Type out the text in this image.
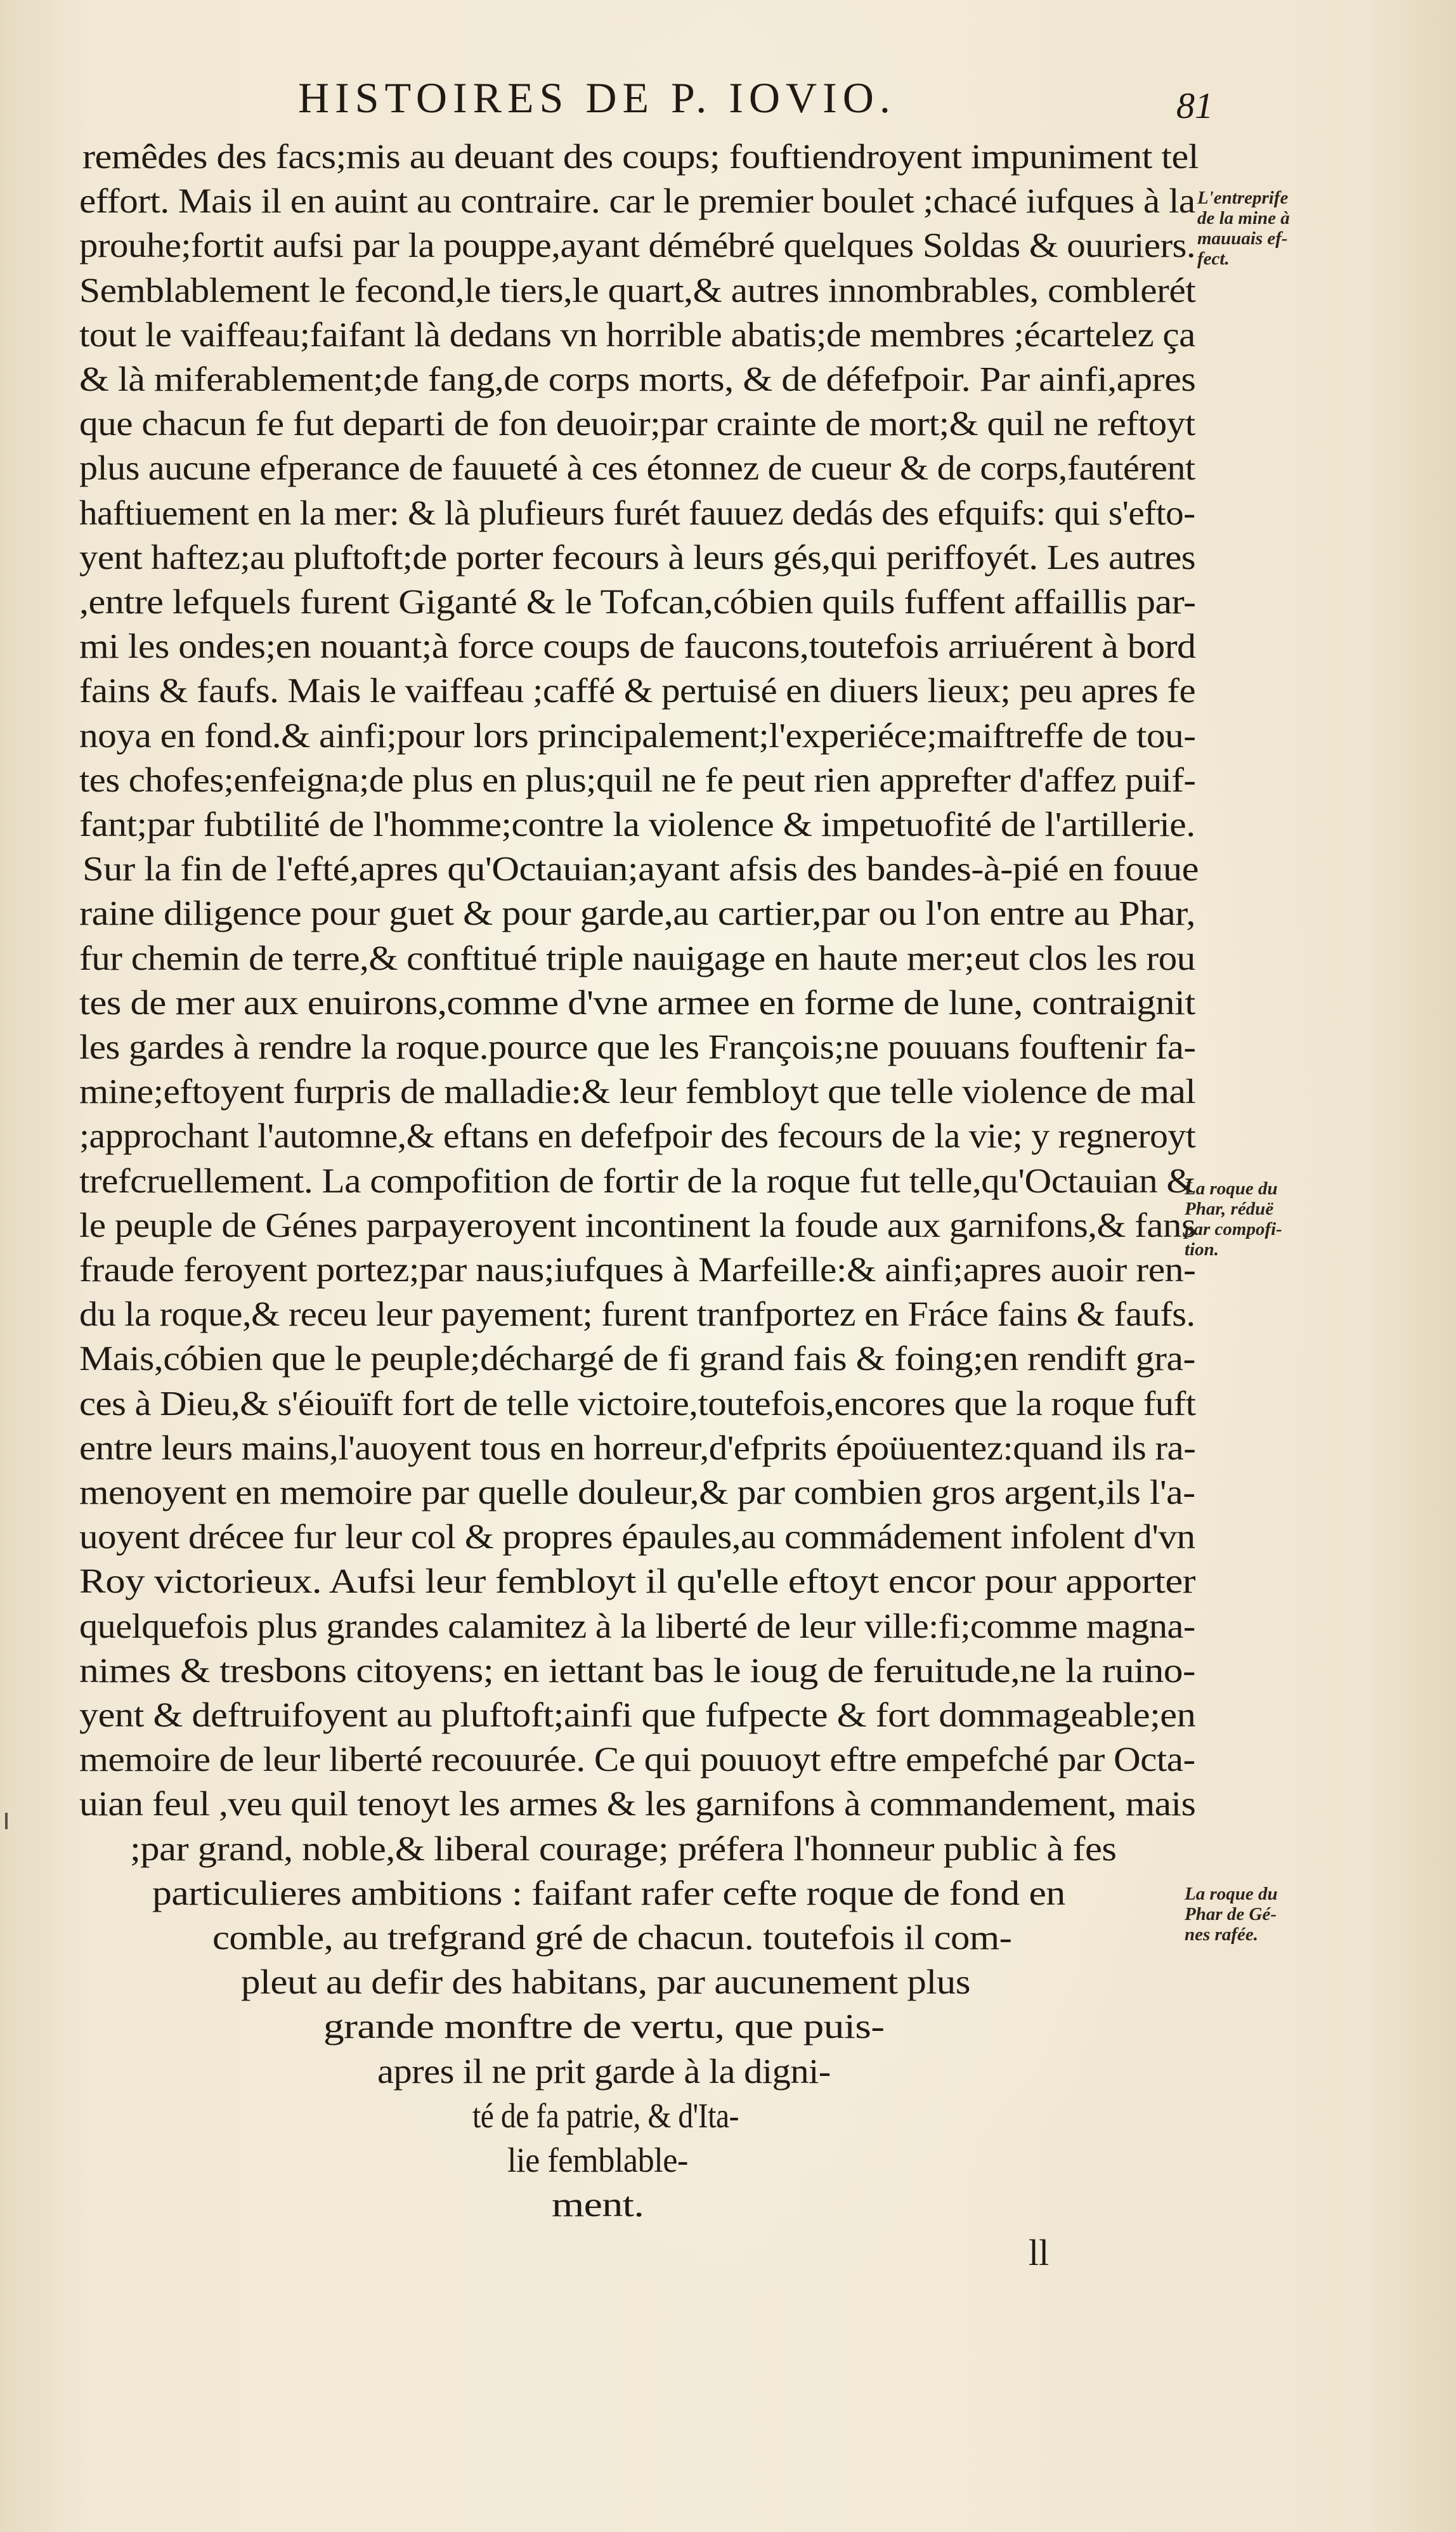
HISTOIRES DE P. IOVIO.	81
remêdes des facs;mis au deuant des coups; fouftiendroyent impuniment tel
effort. Mais il en auint au contraire. car le premier boulet ;chacé iufques à la
prouhe;fortit aufsi par la pouppe,ayant démébré quelques Soldas & ouuriers.
Semblablement le fecond,le tiers,le quart,& autres innombrables, comblerét
tout le vaiffeau;faifant là dedans vn horrible abatis;de membres ;écartelez ça
& là miferablement;de fang,de corps morts, & de défefpoir. Par ainfi,apres
que chacun fe fut departi de fon deuoir;par crainte de mort;& quil ne reftoyt
plus aucune efperance de fauueté à ces étonnez de cueur & de corps,fautérent
haftiuement en la mer: & là plufieurs furét fauuez dedás des efquifs: qui s'efto-
yent haftez;au pluftoft;de porter fecours à leurs gés,qui periffoyét. Les autres
,entre lefquels furent Giganté & le Tofcan,cóbien quils fuffent affaillis par-
mi les ondes;en nouant;à force coups de faucons,toutefois arriuérent à bord
fains & faufs. Mais le vaiffeau ;caffé & pertuisé en diuers lieux; peu apres fe
noya en fond.& ainfi;pour lors principalement;l'experiéce;maiftreffe de tou-
tes chofes;enfeigna;de plus en plus;quil ne fe peut rien apprefter d'affez puif-
fant;par fubtilité de l'homme;contre la violence & impetuofité de l'artillerie.
Sur la fin de l'efté,apres qu'Octauian;ayant afsis des bandes-à-pié en fouue
raine diligence pour guet & pour garde,au cartier,par ou l'on entre au Phar,
fur chemin de terre,& conftitué triple nauigage en haute mer;eut clos les rou
tes de mer aux enuirons,comme d'vne armee en forme de lune, contraignit
les gardes à rendre la roque.pource que les François;ne pouuans fouftenir fa-
mine;eftoyent furpris de malladie:& leur fembloyt que telle violence de mal
;approchant l'automne,& eftans en defefpoir des fecours de la vie; y regneroyt
trefcruellement. La compofition de fortir de la roque fut telle,qu'Octauian &
le peuple de Génes parpayeroyent incontinent la foude aux garnifons,& fans
fraude feroyent portez;par naus;iufques à Marfeille:& ainfi;apres auoir ren-
du la roque,& receu leur payement; furent tranfportez en Fráce fains & faufs.
Mais,cóbien que le peuple;déchargé de fi grand fais & foing;en rendift gra-
ces à Dieu,& s'éiouïft fort de telle victoire,toutefois,encores que la roque fuft
entre leurs mains,l'auoyent tous en horreur,d'efprits époüuentez:quand ils ra-
menoyent en memoire par quelle douleur,& par combien gros argent,ils l'a-
uoyent drécee fur leur col & propres épaules,au commádement infolent d'vn
Roy victorieux. Aufsi leur fembloyt il qu'elle eftoyt encor pour apporter
quelquefois plus grandes calamitez à la liberté de leur ville:fi;comme magna-
nimes & tresbons citoyens; en iettant bas le ioug de feruitude,ne la ruino-
yent & deftruifoyent au pluftoft;ainfi que fufpecte & fort dommageable;en
memoire de leur liberté recouurée. Ce qui pouuoyt eftre empefché par Octa-
uian feul ,veu quil tenoyt les armes & les garnifons à commandement, mais
;par grand, noble,& liberal courage; préfera l'honneur public à fes
particulieres ambitions : faifant rafer cefte roque de fond en
comble, au trefgrand gré de chacun. toutefois il com-
pleut au defir des habitans, par aucunement plus
grande monftre de vertu, que puis-
apres il ne prit garde à la digni-
té de fa patrie, & d'Ita-
lie femblable-
ment.
L'entreprife
de la mine à
mauuais ef-
fect.
La roque du
Phar, réduë
par compofi-
tion.
La roque du
Phar de Gé-
nes rafée.
ll
